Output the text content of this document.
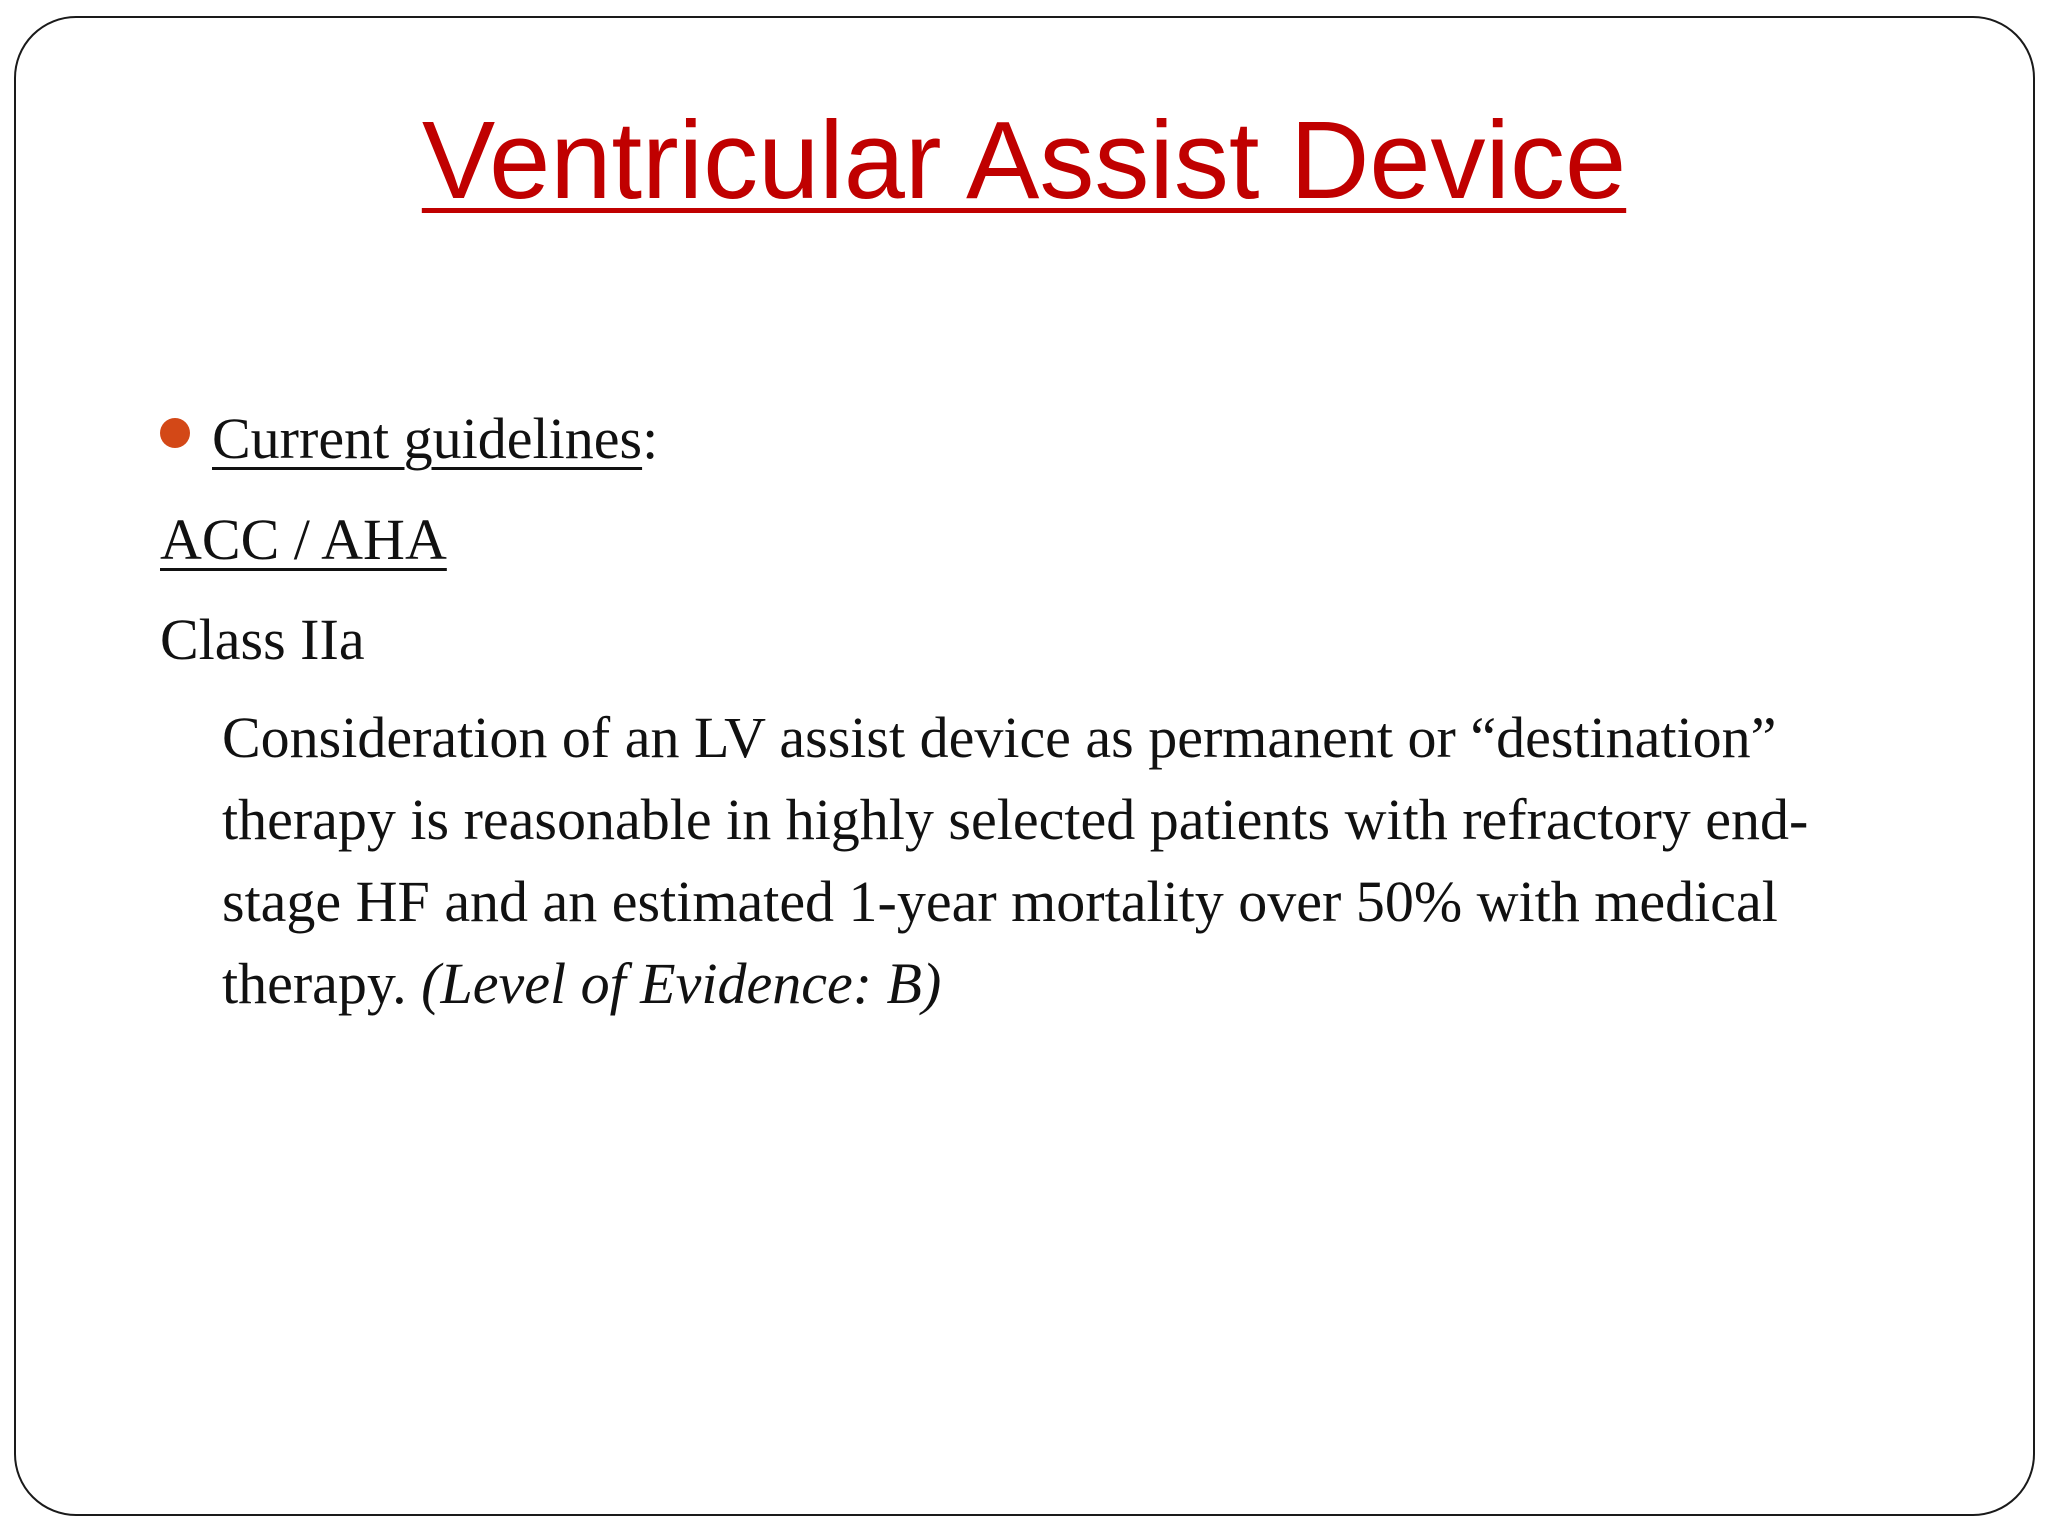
Ventricular Assist Device
Current guidelines:
ACC / AHA
Class IIa
Consideration of an LV assist device as permanent or “destination” therapy is reasonable in highly selected patients with refractory end-stage HF and an estimated 1-year mortality over 50% with medical therapy. (Level of Evidence: B)
